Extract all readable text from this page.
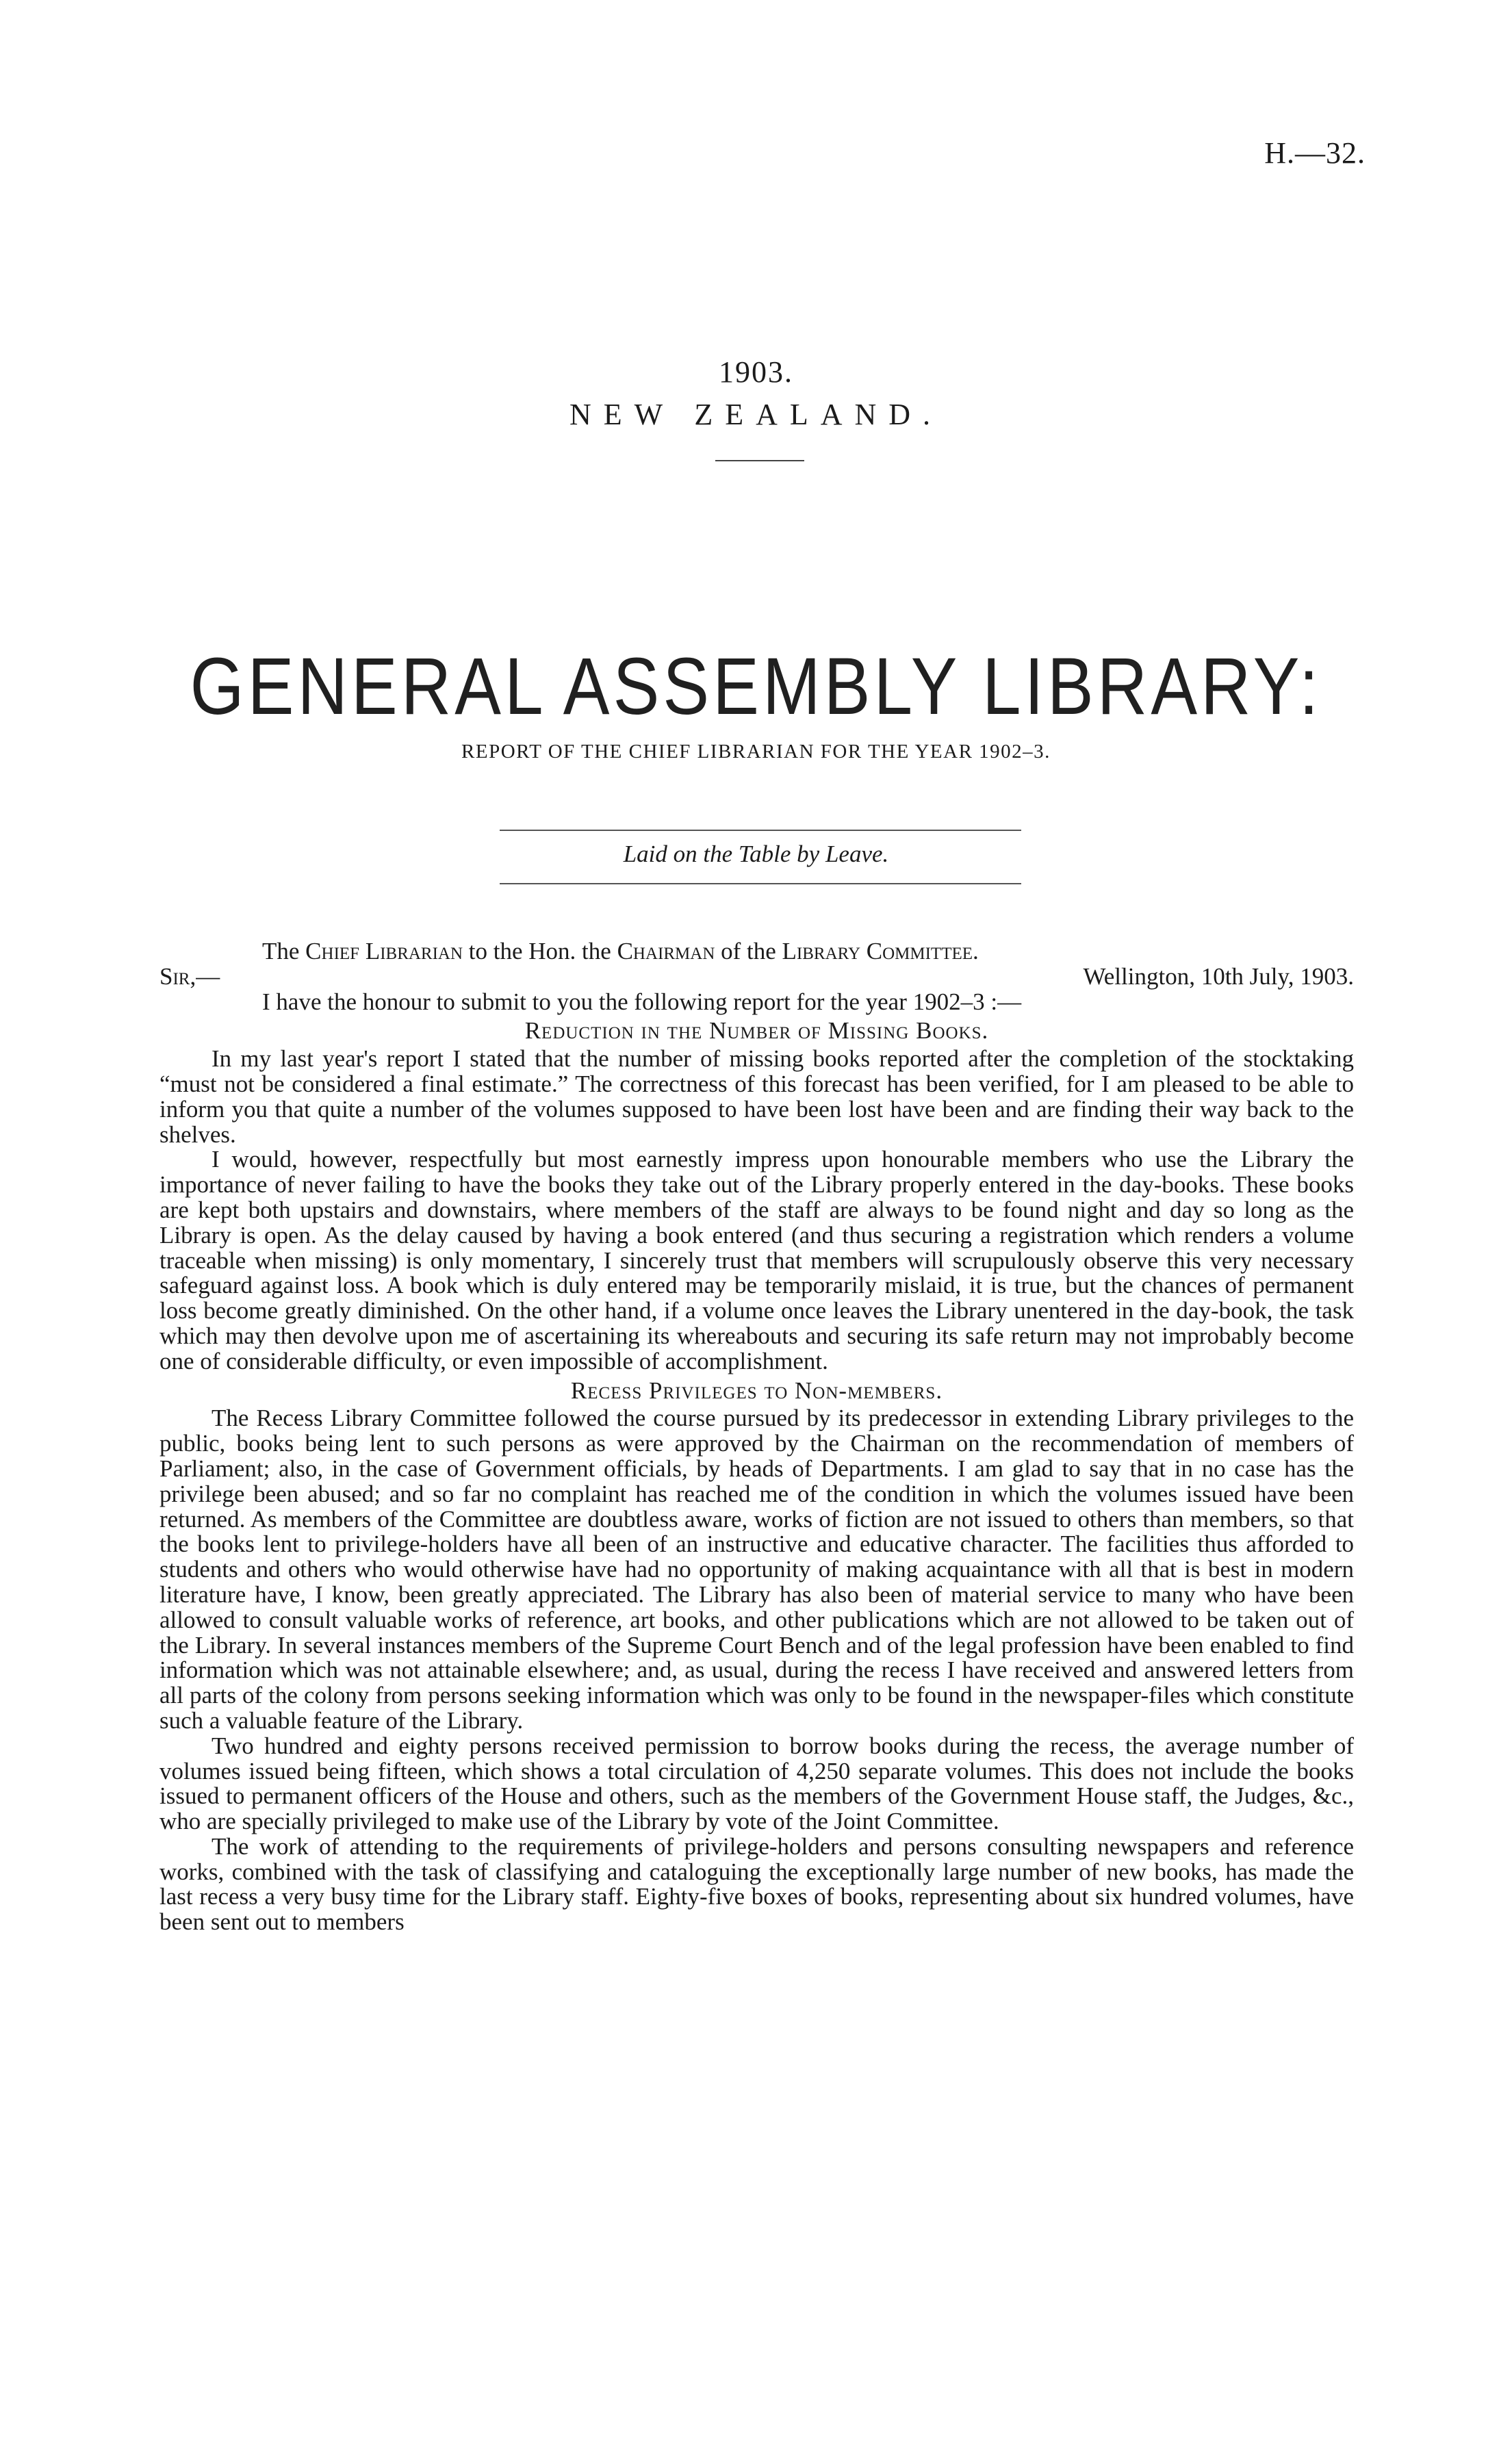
H.—32.
1903.
NEW ZEALAND.
GENERAL ASSEMBLY LIBRARY:
REPORT OF THE CHIEF LIBRARIAN FOR THE YEAR 1902–3.
Laid on the Table by Leave.

The Chief Librarian to the Hon. the Chairman of the Library Committee.

Sir,—	Wellington, 10th July, 1903.

I have the honour to submit to you the following report for the year 1902–3 :—

Reduction in the Number of Missing Books.

In my last year's report I stated that the number of missing books reported after the completion of the stocktaking “must not be considered a final estimate.” The correctness of this forecast has been verified, for I am pleased to be able to inform you that quite a number of the volumes supposed to have been lost have been and are finding their way back to the shelves.

I would, however, respectfully but most earnestly impress upon honourable members who use the Library the importance of never failing to have the books they take out of the Library properly entered in the day-books. These books are kept both upstairs and downstairs, where members of the staff are always to be found night and day so long as the Library is open. As the delay caused by having a book entered (and thus securing a registration which renders a volume traceable when missing) is only momentary, I sincerely trust that members will scrupulously observe this very necessary safeguard against loss. A book which is duly entered may be temporarily mislaid, it is true, but the chances of permanent loss become greatly diminished. On the other hand, if a volume once leaves the Library unentered in the day-book, the task which may then devolve upon me of ascertaining its whereabouts and securing its safe return may not improbably become one of considerable difficulty, or even impossible of accomplishment.

Recess Privileges to Non-members.

The Recess Library Committee followed the course pursued by its predecessor in extending Library privileges to the public, books being lent to such persons as were approved by the Chairman on the recommendation of members of Parliament; also, in the case of Government officials, by heads of Departments. I am glad to say that in no case has the privilege been abused; and so far no complaint has reached me of the condition in which the volumes issued have been returned. As members of the Committee are doubtless aware, works of fiction are not issued to others than members, so that the books lent to privilege-holders have all been of an instructive and educative character. The facilities thus afforded to students and others who would otherwise have had no opportunity of making acquaintance with all that is best in modern literature have, I know, been greatly appreciated. The Library has also been of material service to many who have been allowed to consult valuable works of reference, art books, and other publications which are not allowed to be taken out of the Library. In several instances members of the Supreme Court Bench and of the legal profession have been enabled to find information which was not attainable elsewhere; and, as usual, during the recess I have received and answered letters from all parts of the colony from persons seeking information which was only to be found in the newspaper-files which constitute such a valuable feature of the Library.

Two hundred and eighty persons received permission to borrow books during the recess, the average number of volumes issued being fifteen, which shows a total circulation of 4,250 separate volumes. This does not include the books issued to permanent officers of the House and others, such as the members of the Government House staff, the Judges, &c., who are specially privileged to make use of the Library by vote of the Joint Committee.

The work of attending to the requirements of privilege-holders and persons consulting newspapers and reference works, combined with the task of classifying and cataloguing the exceptionally large number of new books, has made the last recess a very busy time for the Library staff. Eighty-five boxes of books, representing about six hundred volumes, have been sent out to members
